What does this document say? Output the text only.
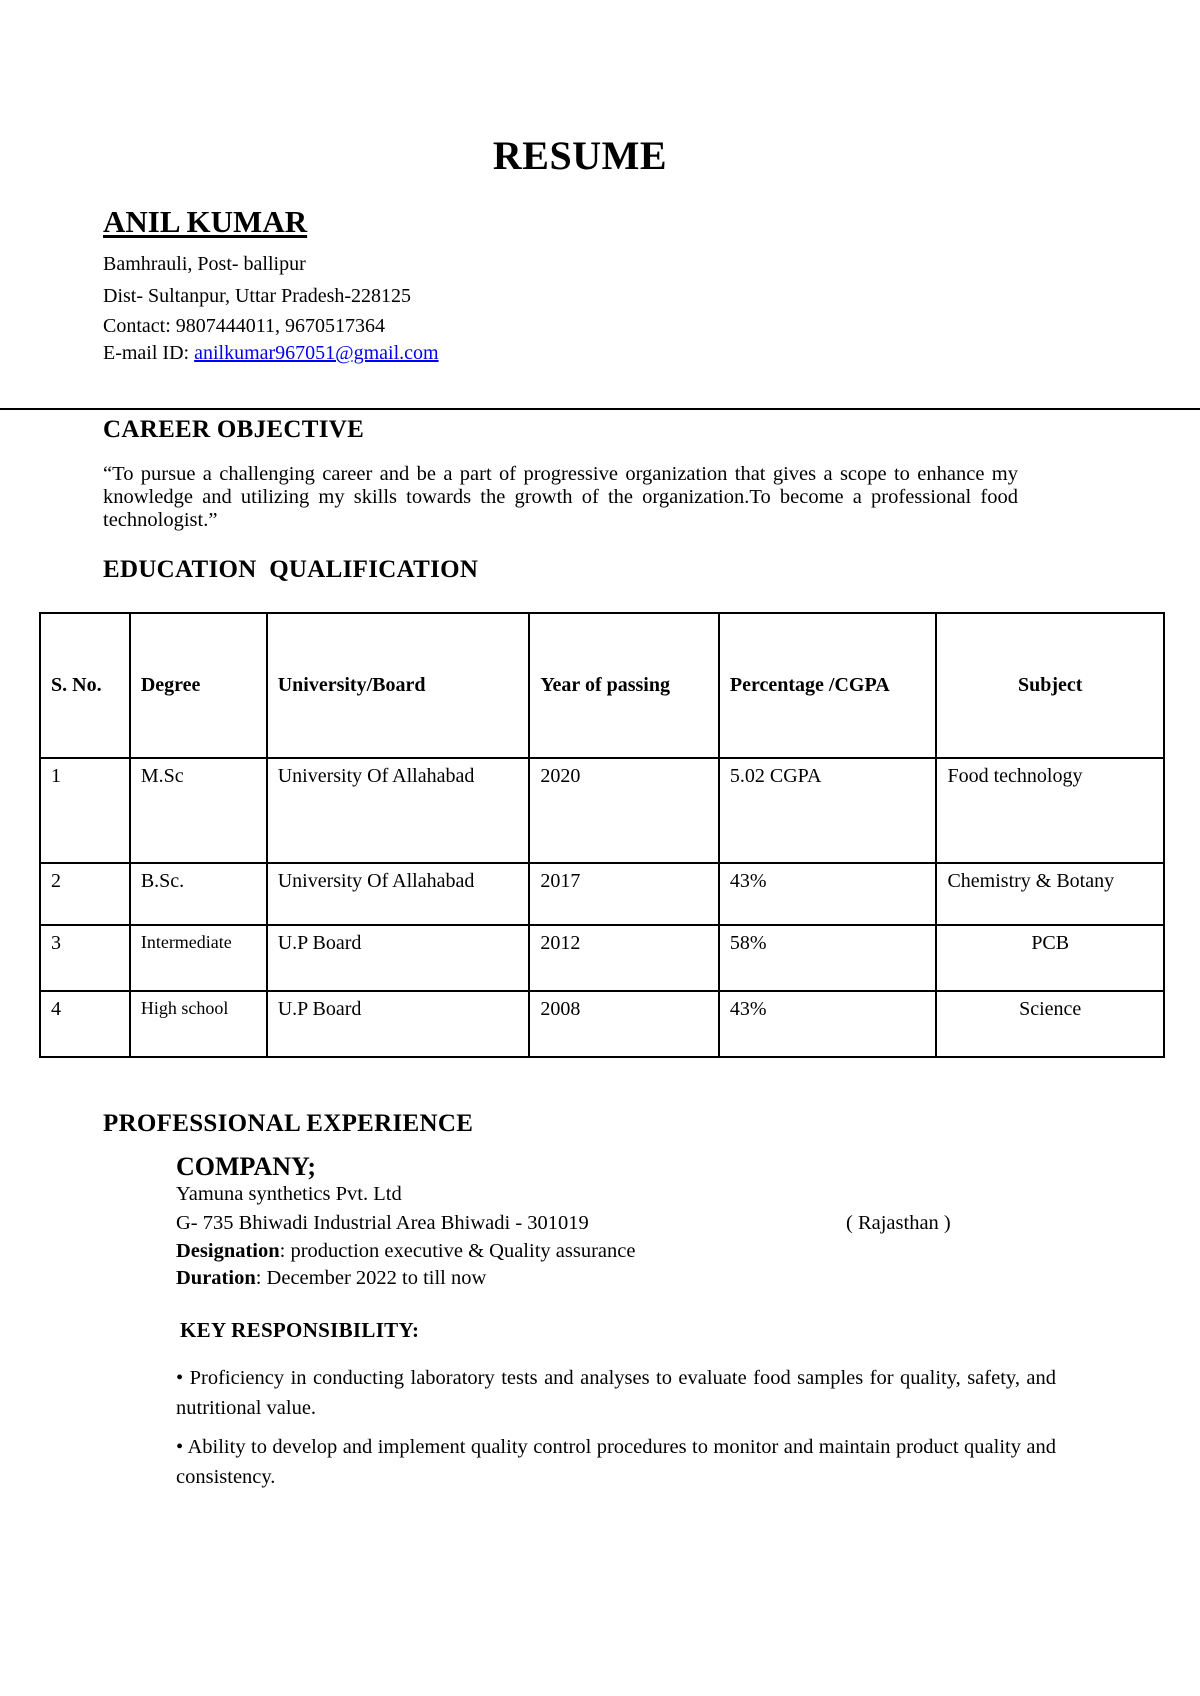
RESUME
ANIL KUMAR
Bamhrauli, Post- ballipur
Dist- Sultanpur, Uttar Pradesh-228125
Contact: 9807444011, 9670517364
E-mail ID: anilkumar967051@gmail.com
CAREER OBJECTIVE
“To pursue a challenging career and be a part of progressive organization that gives a scope to enhance my knowledge and utilizing my skills towards the growth of the organization.To become a professional food technologist.”
EDUCATION QUALIFICATION
S. No.	Degree	University/Board	Year of passing	Percentage /CGPA	Subject
1	M.Sc	University Of Allahabad	2020	5.02 CGPA	Food technology
2	B.Sc.	University Of Allahabad	2017	43%	Chemistry & Botany
3	Intermediate	U.P Board	2012	58%	PCB
4	High school	U.P Board	2008	43%	Science
PROFESSIONAL EXPERIENCE
COMPANY;
Yamuna synthetics Pvt. Ltd
G- 735 Bhiwadi Industrial Area Bhiwadi - 301019	( Rajasthan )
Designation: production executive & Quality assurance
Duration: December 2022 to till now
KEY RESPONSIBILITY:
• Proficiency in conducting laboratory tests and analyses to evaluate food samples for quality, safety, and nutritional value.
• Ability to develop and implement quality control procedures to monitor and maintain product quality and consistency.
